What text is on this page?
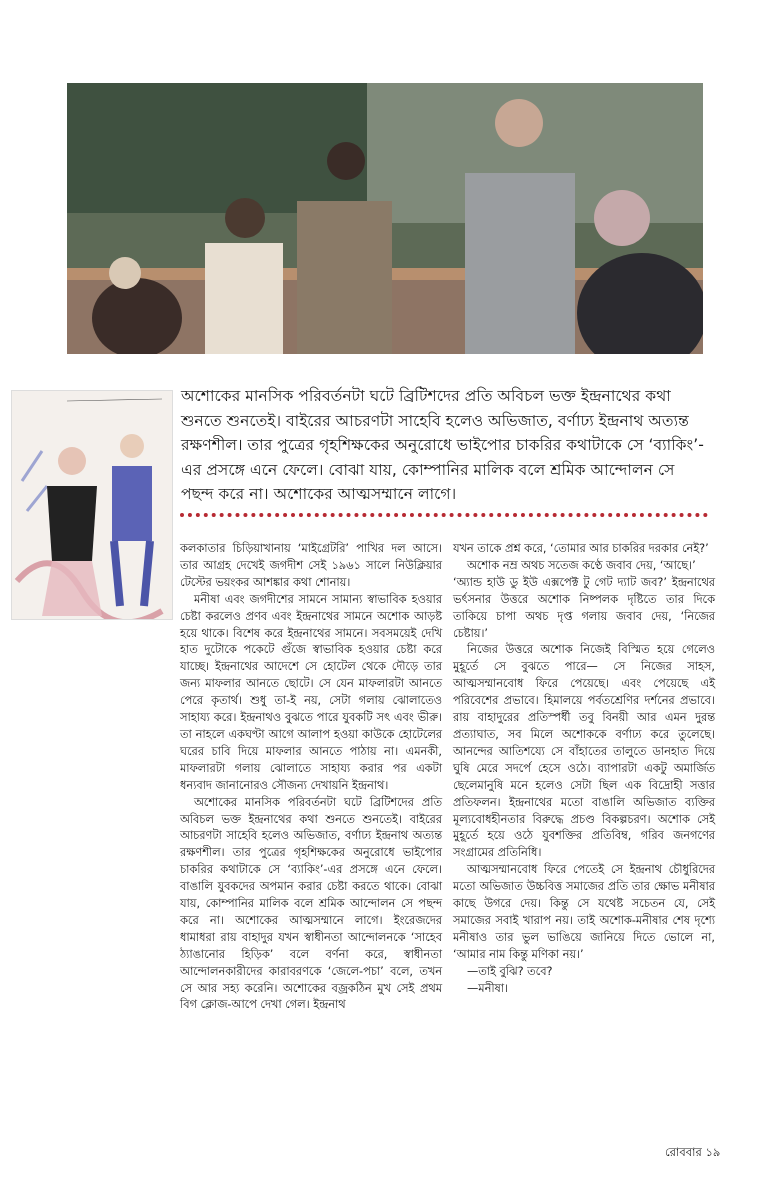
অশোকের মানসিক পরিবর্তনটা ঘটে ব্রিটিশদের প্রতি অবিচল ভক্ত ইন্দ্রনাথের কথা শুনতে শুনতেই। বাইরের আচরণটা সাহেবি হলেও অভিজাত, বর্ণাঢ্য ইন্দ্রনাথ অত্যন্ত রক্ষণশীল। তার পুত্রের গৃহশিক্ষকের অনুরোধে ভাইপোর চাকরির কথাটাকে সে ‘ব্যাকিং’-এর প্রসঙ্গে এনে ফেলে। বোঝা যায়, কোম্পানির মালিক বলে শ্রমিক আন্দোলন সে পছন্দ করে না। অশোকের আত্মসম্মানে লাগে।

কলকাতার চিড়িয়াখানায় ‘মাইগ্রেটরি’ পাখির দল আসে। তার আগ্রহ দেখেই জগদীশ সেই ১৯৬১ সালে নিউক্লিয়ার টেস্টের ভয়ংকর আশঙ্কার কথা শোনায়।

মনীষা এবং জগদীশের সামনে সামান্য স্বাভাবিক হওয়ার চেষ্টা করলেও প্রণব এবং ইন্দ্রনাথের সামনে অশোক আড়ষ্ট হয়ে থাকে। বিশেষ করে ইন্দ্রনাথের সামনে। সবসময়েই দেখি হাত দুটোকে পকেটে গুঁজে স্বাভাবিক হওয়ার চেষ্টা করে যাচ্ছে। ইন্দ্রনাথের আদেশে সে হোটেল থেকে দৌড়ে তার জন্য মাফলার আনতে ছোটে। সে যেন মাফলারটা আনতে পেরে কৃতার্থ। শুধু তা-ই নয়, সেটা গলায় ঝোলাতেও সাহায্য করে। ইন্দ্রনাথও বুঝতে পারে যুবকটি সৎ এবং ভীরু। তা নাহলে একঘণ্টা আগে আলাপ হওয়া কাউকে হোটেলের ঘরের চাবি দিয়ে মাফলার আনতে পাঠায় না। এমনকী, মাফলারটা গলায় ঝোলাতে সাহায্য করার পর একটা ধন্যবাদ জানানোরও সৌজন্য দেখায়নি ইন্দ্রনাথ।

অশোকের মানসিক পরিবর্তনটা ঘটে ব্রিটিশদের প্রতি অবিচল ভক্ত ইন্দ্রনাথের কথা শুনতে শুনতেই। বাইরের আচরণটা সাহেবি হলেও অভিজাত, বর্ণাঢ্য ইন্দ্রনাথ অত্যন্ত রক্ষণশীল। তার পুত্রের গৃহশিক্ষকের অনুরোধে ভাইপোর চাকরির কথাটাকে সে ‘ব্যাকিং’-এর প্রসঙ্গে এনে ফেলে। বাঙালি যুবকদের অপমান করার চেষ্টা করতে থাকে। বোঝা যায়, কোম্পানির মালিক বলে শ্রমিক আন্দোলন সে পছন্দ করে না। অশোকের আত্মসম্মানে লাগে। ইংরেজদের ধামাধরা রায় বাহাদুর যখন স্বাধীনতা আন্দোলনকে ‘সাহেব ঠ্যাঙানোর হিড়িক’ বলে বর্ণনা করে, স্বাধীনতা আন্দোলনকারীদের কারাবরণকে ‘জেলে-পচা’ বলে, তখন সে আর সহ্য করেনি। অশোকের বজ্রকঠিন মুখ সেই প্রথম বিগ ক্লোজ-আপে দেখা গেল। ইন্দ্রনাথ

যখন তাকে প্রশ্ন করে, ‘তোমার আর চাকরির দরকার নেই?’

অশোক নম্র অথচ সতেজ কণ্ঠে জবাব দেয়, ‘আছে।’

‘অ্যান্ড হাউ ডু ইউ এক্সপেক্ট টু গেট দ্যাট জব?’ ইন্দ্রনাথের ভর্ৎসনার উত্তরে অশোক নিষ্পলক দৃষ্টিতে তার দিকে তাকিয়ে চাপা অথচ দৃপ্ত গলায় জবাব দেয়, ‘নিজের চেষ্টায়।’

নিজের উত্তরে অশোক নিজেই বিস্মিত হয়ে গেলেও মুহূর্তে সে বুঝতে পারে— সে নিজের সাহস, আত্মসম্মানবোধ ফিরে পেয়েছে। এবং পেয়েছে এই পরিবেশের প্রভাবে। হিমালয়ে পর্বতশ্রেণির দর্শনের প্রভাবে। রায় বাহাদুরের প্রতিস্পর্ধী তবু বিনয়ী আর এমন দুরন্ত প্রত্যাঘাত, সব মিলে অশোককে বর্ণাঢ্য করে তুলেছে। আনন্দের আতিশয্যে সে বাঁহাতের তালুতে ডানহাত দিয়ে ঘুষি মেরে সদর্পে হেসে ওঠে। ব্যাপারটা একটু অমার্জিত ছেলেমানুষি মনে হলেও সেটা ছিল এক বিদ্রোহী সত্তার প্রতিফলন। ইন্দ্রনাথের মতো বাঙালি অভিজাত ব্যক্তির মূল্যবোধহীনতার বিরুদ্ধে প্রচণ্ড বিকল্পচরণ। অশোক সেই মুহূর্তে হয়ে ওঠে যুবশক্তির প্রতিবিম্ব, গরিব জনগণের সংগ্রামের প্রতিনিধি।

আত্মসম্মানবোধ ফিরে পেতেই সে ইন্দ্রনাথ চৌধুরিদের মতো অভিজাত উচ্চবিত্ত সমাজের প্রতি তার ক্ষোভ মনীষার কাছে উগরে দেয়। কিন্তু সে যথেষ্ট সচেতন যে, সেই সমাজের সবাই খারাপ নয়। তাই অশোক-মনীষার শেষ দৃশ্যে মনীষাও তার ভুল ভাঙিয়ে জানিয়ে দিতে ভোলে না, ‘আমার নাম কিন্তু মণিকা নয়।’

—তাই বুঝি? তবে?

—মনীষা।

রোববার ১৯
